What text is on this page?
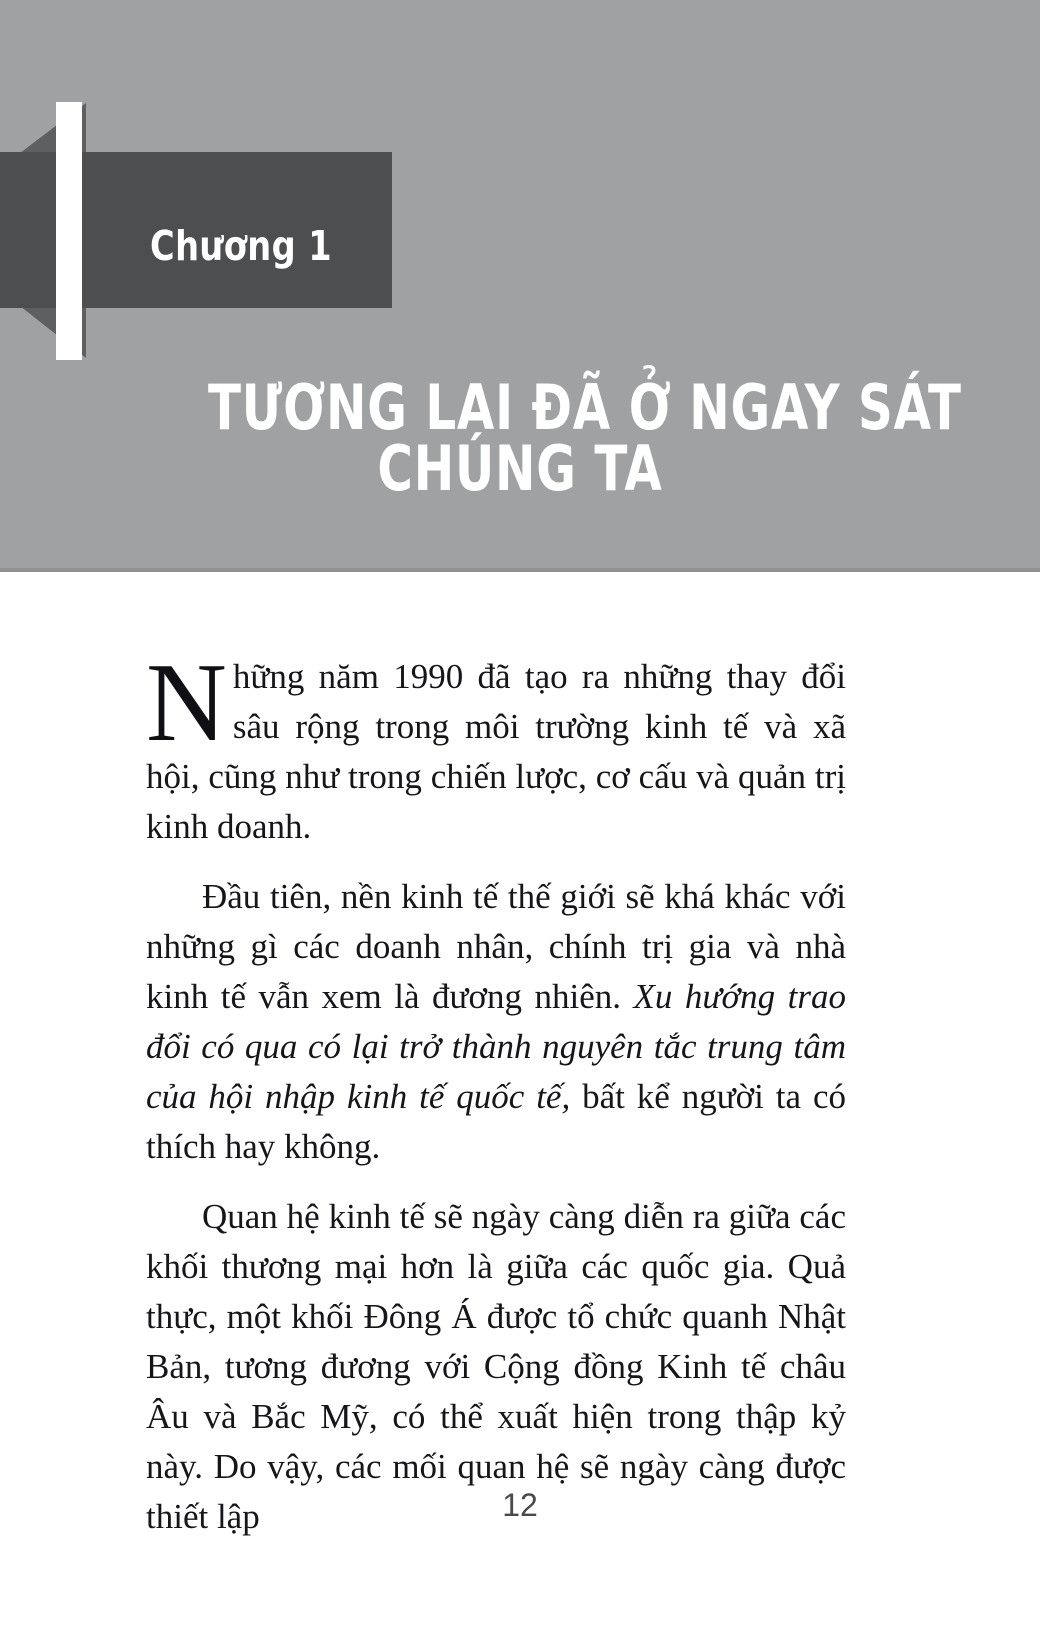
Chương 1
TƯƠNG LAI ĐÃ Ở NGAY SÁT
CHÚNG TA

Những năm 1990 đã tạo ra những thay đổi sâu rộng trong môi trường kinh tế và xã hội, cũng như trong chiến lược, cơ cấu và quản trị kinh doanh.

Đầu tiên, nền kinh tế thế giới sẽ khá khác với những gì các doanh nhân, chính trị gia và nhà kinh tế vẫn xem là đương nhiên. Xu hướng trao đổi có qua có lại trở thành nguyên tắc trung tâm của hội nhập kinh tế quốc tế, bất kể người ta có thích hay không.

Quan hệ kinh tế sẽ ngày càng diễn ra giữa các khối thương mại hơn là giữa các quốc gia. Quả thực, một khối Đông Á được tổ chức quanh Nhật Bản, tương đương với Cộng đồng Kinh tế châu Âu và Bắc Mỹ, có thể xuất hiện trong thập kỷ này. Do vậy, các mối quan hệ sẽ ngày càng được thiết lập	12
